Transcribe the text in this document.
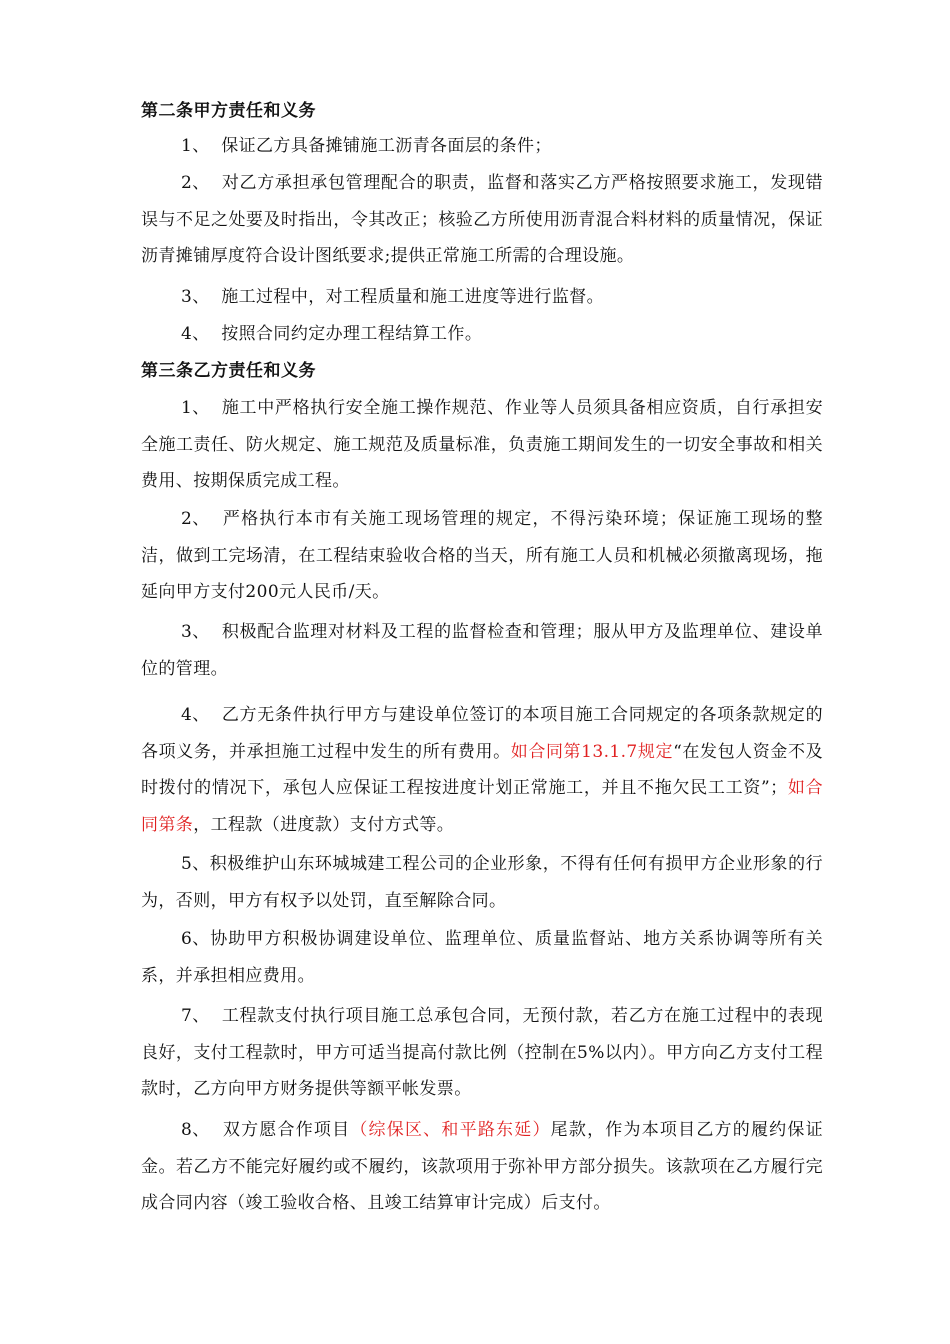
第二条甲方责任和义务
1、 保证乙方具备摊铺施工沥青各面层的条件；
2、 对乙方承担承包管理配合的职责，监督和落实乙方严格按照要求施工，发现错误与不足之处要及时指出，令其改正；核验乙方所使用沥青混合料材料的质量情况，保证沥青摊铺厚度符合设计图纸要求;提供正常施工所需的合理设施。
3、 施工过程中，对工程质量和施工进度等进行监督。
4、 按照合同约定办理工程结算工作。
第三条乙方责任和义务
1、 施工中严格执行安全施工操作规范、作业等人员须具备相应资质，自行承担安全施工责任、防火规定、施工规范及质量标准，负责施工期间发生的一切安全事故和相关费用、按期保质完成工程。
2、 严格执行本市有关施工现场管理的规定，不得污染环境；保证施工现场的整洁，做到工完场清，在工程结束验收合格的当天，所有施工人员和机械必须撤离现场，拖延向甲方支付200元人民币/天。
3、 积极配合监理对材料及工程的监督检查和管理；服从甲方及监理单位、建设单位的管理。
4、 乙方无条件执行甲方与建设单位签订的本项目施工合同规定的各项条款规定的各项义务，并承担施工过程中发生的所有费用。如合同第13.1.7规定“在发包人资金不及时拨付的情况下，承包人应保证工程按进度计划正常施工，并且不拖欠民工工资”；如合同第条，工程款（进度款）支付方式等。
5、积极维护山东环城城建工程公司的企业形象，不得有任何有损甲方企业形象的行为，否则，甲方有权予以处罚，直至解除合同。
6、协助甲方积极协调建设单位、监理单位、质量监督站、地方关系协调等所有关系，并承担相应费用。
7、 工程款支付执行项目施工总承包合同，无预付款，若乙方在施工过程中的表现良好，支付工程款时，甲方可适当提高付款比例（控制在5%以内）。甲方向乙方支付工程款时，乙方向甲方财务提供等额平帐发票。
8、 双方愿合作项目（综保区、和平路东延）尾款，作为本项目乙方的履约保证金。若乙方不能完好履约或不履约，该款项用于弥补甲方部分损失。该款项在乙方履行完成合同内容（竣工验收合格、且竣工结算审计完成）后支付。
